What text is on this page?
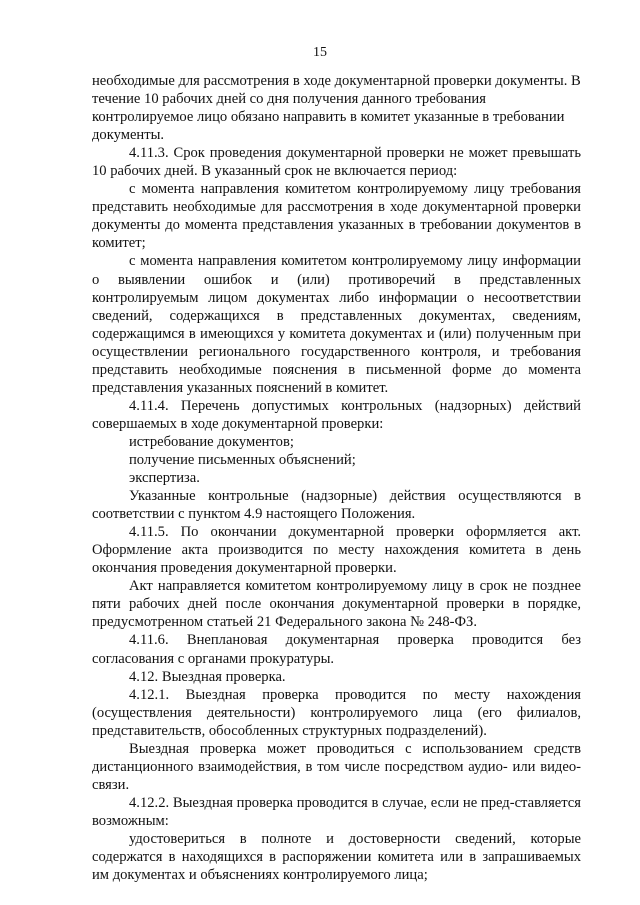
15

необходимые для рассмотрения в ходе документарной проверки документы. В течение 10 рабочих дней со дня получения данного требования контролируемое лицо обязано направить в комитет указанные в требовании документы.

4.11.3. Срок проведения документарной проверки не может превышать 10 рабочих дней. В указанный срок не включается период:

с момента направления комитетом контролируемому лицу требования представить необходимые для рассмотрения в ходе документарной проверки документы до момента представления указанных в требовании документов в комитет;

с момента направления комитетом контролируемому лицу информации о выявлении ошибок и (или) противоречий в представленных контролируемым лицом документах либо информации о несоответствии сведений, содержащихся в представленных документах, сведениям, содержащимся в имеющихся у комитета документах и (или) полученным при осуществлении регионального государственного контроля, и требования представить необходимые пояснения в письменной форме до момента представления указанных пояснений в комитет.

4.11.4. Перечень допустимых контрольных (надзорных) действий совершаемых в ходе документарной проверки:

истребование документов;

получение письменных объяснений;

экспертиза.

Указанные контрольные (надзорные) действия осуществляются в соответствии с пунктом 4.9 настоящего Положения.

4.11.5. По окончании документарной проверки оформляется акт. Оформление акта производится по месту нахождения комитета в день окончания проведения документарной проверки.

Акт направляется комитетом контролируемому лицу в срок не позднее пяти рабочих дней после окончания документарной проверки в порядке, предусмотренном статьей 21 Федерального закона № 248-ФЗ.

4.11.6. Внеплановая документарная проверка проводится без согласования с органами прокуратуры.

4.12. Выездная проверка.

4.12.1. Выездная проверка проводится по месту нахождения (осуществления деятельности) контролируемого лица (его филиалов, представительств, обособленных структурных подразделений).

Выездная проверка может проводиться с использованием средств дистанционного взаимодействия, в том числе посредством аудио- или видео-связи.

4.12.2. Выездная проверка проводится в случае, если не пред-ставляется возможным:

удостовериться в полноте и достоверности сведений, которые содержатся в находящихся в распоряжении комитета или в запрашиваемых им документах и объяснениях контролируемого лица;
